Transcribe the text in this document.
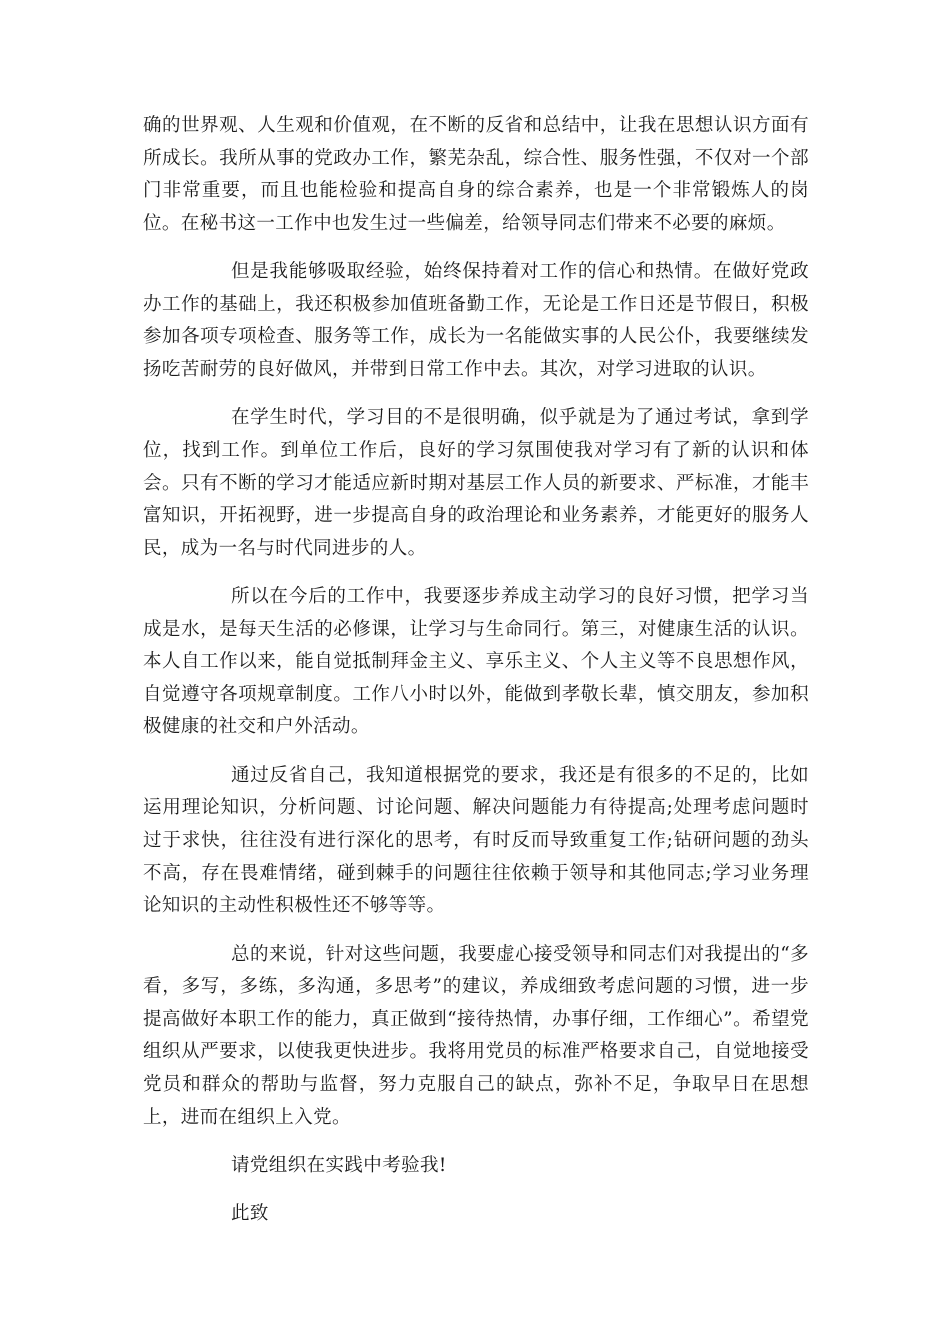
确的世界观、人生观和价值观，在不断的反省和总结中，让我在思想认识方面有所成长。我所从事的党政办工作，繁芜杂乱，综合性、服务性强，不仅对一个部门非常重要，而且也能检验和提高自身的综合素养，也是一个非常锻炼人的岗位。在秘书这一工作中也发生过一些偏差，给领导同志们带来不必要的麻烦。

但是我能够吸取经验，始终保持着对工作的信心和热情。在做好党政办工作的基础上，我还积极参加值班备勤工作，无论是工作日还是节假日，积极参加各项专项检查、服务等工作，成长为一名能做实事的人民公仆，我要继续发扬吃苦耐劳的良好做风，并带到日常工作中去。其次，对学习进取的认识。

在学生时代，学习目的不是很明确，似乎就是为了通过考试，拿到学位，找到工作。到单位工作后，良好的学习氛围使我对学习有了新的认识和体会。只有不断的学习才能适应新时期对基层工作人员的新要求、严标准，才能丰富知识，开拓视野，进一步提高自身的政治理论和业务素养，才能更好的服务人民，成为一名与时代同进步的人。

所以在今后的工作中，我要逐步养成主动学习的良好习惯，把学习当成是水，是每天生活的必修课，让学习与生命同行。第三，对健康生活的认识。本人自工作以来，能自觉抵制拜金主义、享乐主义、个人主义等不良思想作风，自觉遵守各项规章制度。工作八小时以外，能做到孝敬长辈，慎交朋友，参加积极健康的社交和户外活动。

通过反省自己，我知道根据党的要求，我还是有很多的不足的，比如运用理论知识，分析问题、讨论问题、解决问题能力有待提高;处理考虑问题时过于求快，往往没有进行深化的思考，有时反而导致重复工作;钻研问题的劲头不高，存在畏难情绪，碰到棘手的问题往往依赖于领导和其他同志;学习业务理论知识的主动性积极性还不够等等。

总的来说，针对这些问题，我要虚心接受领导和同志们对我提出的“多看，多写，多练，多沟通，多思考”的建议，养成细致考虑问题的习惯，进一步提高做好本职工作的能力，真正做到“接待热情，办事仔细，工作细心”。希望党组织从严要求，以使我更快进步。我将用党员的标准严格要求自己，自觉地接受党员和群众的帮助与监督，努力克服自己的缺点，弥补不足，争取早日在思想上，进而在组织上入党。

请党组织在实践中考验我!

此致
